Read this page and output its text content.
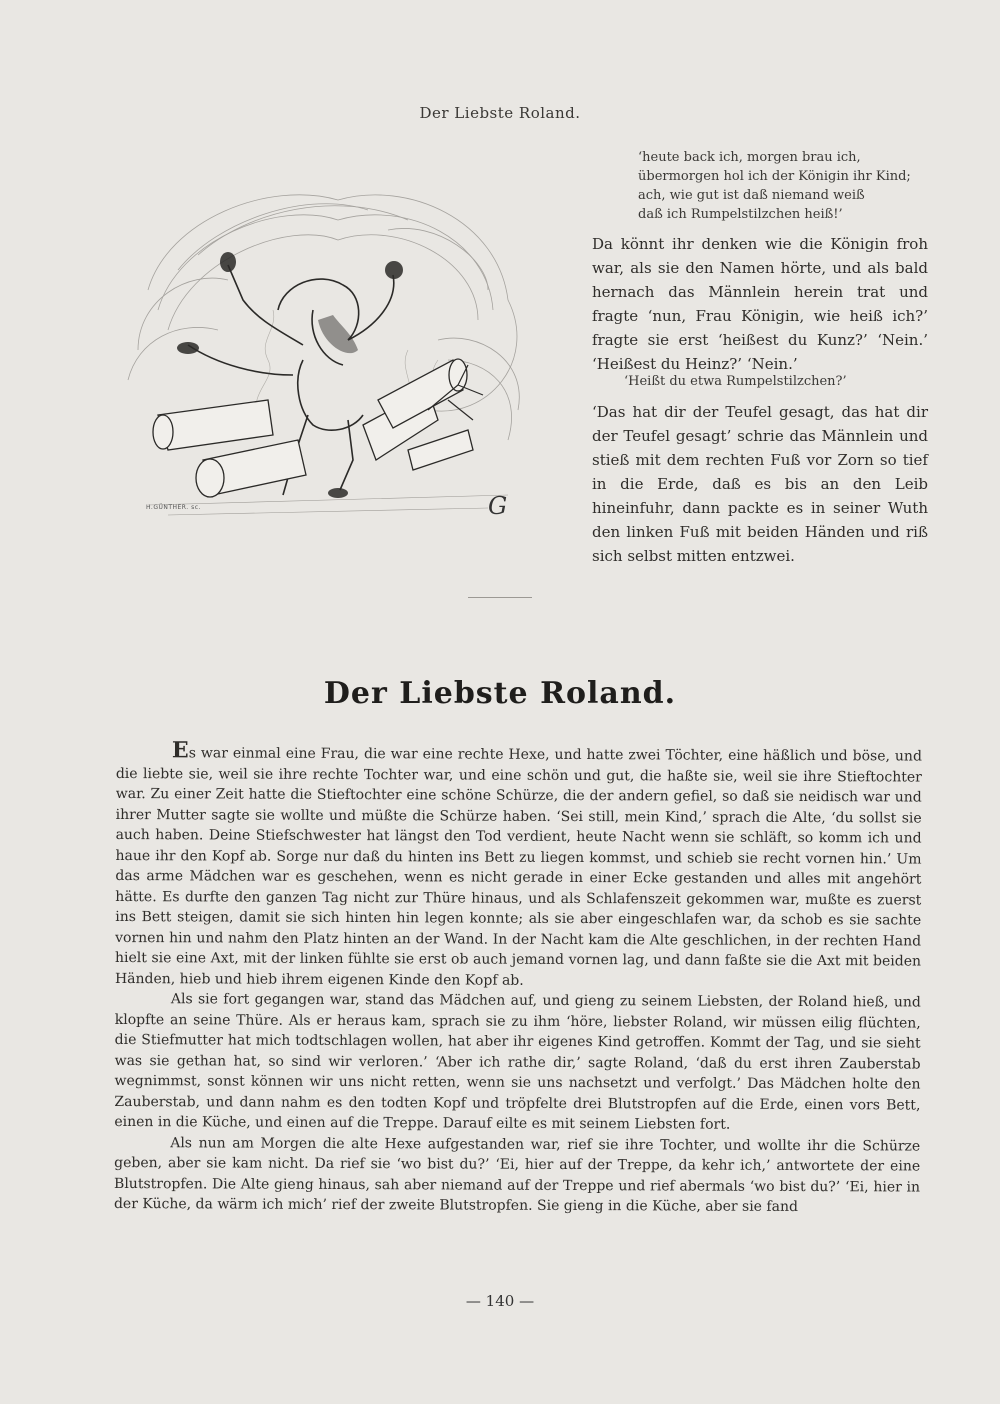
Der Liebste Roland.
H.GÜNTHER. sc.	G
‘heute back ich, morgen brau ich,
übermorgen hol ich der Königin ihr Kind;
ach, wie gut ist daß niemand weiß
daß ich Rumpelstilzchen heiß!’

Da könnt ihr denken wie die Königin froh war, als sie den Namen hörte, und als bald hernach das Männlein herein trat und fragte ‘nun, Frau Königin, wie heiß ich?’ fragte sie erst ‘heißest du Kunz?’ ‘Nein.’ ‘Heißest du Heinz?’ ‘Nein.’

‘Heißt du etwa Rumpelstilzchen?’

‘Das hat dir der Teufel gesagt, das hat dir der Teufel gesagt’ schrie das Männlein und stieß mit dem rechten Fuß vor Zorn so tief in die Erde, daß es bis an den Leib hineinfuhr, dann packte es in seiner Wuth den linken Fuß mit beiden Händen und riß sich selbst mitten entzwei.

Der Liebste Roland.

Es war einmal eine Frau, die war eine rechte Hexe, und hatte zwei Töchter, eine häßlich und böse, und die liebte sie, weil sie ihre rechte Tochter war, und eine schön und gut, die haßte sie, weil sie ihre Stieftochter war. Zu einer Zeit hatte die Stieftochter eine schöne Schürze, die der andern gefiel, so daß sie neidisch war und ihrer Mutter sagte sie wollte und müßte die Schürze haben. ‘Sei still, mein Kind,’ sprach die Alte, ‘du sollst sie auch haben. Deine Stiefschwester hat längst den Tod verdient, heute Nacht wenn sie schläft, so komm ich und haue ihr den Kopf ab. Sorge nur daß du hinten ins Bett zu liegen kommst, und schieb sie recht vornen hin.’ Um das arme Mädchen war es geschehen, wenn es nicht gerade in einer Ecke gestanden und alles mit angehört hätte. Es durfte den ganzen Tag nicht zur Thüre hinaus, und als Schlafenszeit gekommen war, mußte es zuerst ins Bett steigen, damit sie sich hinten hin legen konnte; als sie aber eingeschlafen war, da schob es sie sachte vornen hin und nahm den Platz hinten an der Wand. In der Nacht kam die Alte geschlichen, in der rechten Hand hielt sie eine Axt, mit der linken fühlte sie erst ob auch jemand vornen lag, und dann faßte sie die Axt mit beiden Händen, hieb und hieb ihrem eigenen Kinde den Kopf ab.

Als sie fort gegangen war, stand das Mädchen auf, und gieng zu seinem Liebsten, der Roland hieß, und klopfte an seine Thüre. Als er heraus kam, sprach sie zu ihm ‘höre, liebster Roland, wir müssen eilig flüchten, die Stiefmutter hat mich todtschlagen wollen, hat aber ihr eigenes Kind getroffen. Kommt der Tag, und sie sieht was sie gethan hat, so sind wir verloren.’ ‘Aber ich rathe dir,’ sagte Roland, ‘daß du erst ihren Zauberstab wegnimmst, sonst können wir uns nicht retten, wenn sie uns nachsetzt und verfolgt.’ Das Mädchen holte den Zauberstab, und dann nahm es den todten Kopf und tröpfelte drei Blutstropfen auf die Erde, einen vors Bett, einen in die Küche, und einen auf die Treppe. Darauf eilte es mit seinem Liebsten fort.

Als nun am Morgen die alte Hexe aufgestanden war, rief sie ihre Tochter, und wollte ihr die Schürze geben, aber sie kam nicht. Da rief sie ‘wo bist du?’ ‘Ei, hier auf der Treppe, da kehr ich,’ antwortete der eine Blutstropfen. Die Alte gieng hinaus, sah aber niemand auf der Treppe und rief abermals ‘wo bist du?’ ‘Ei, hier in der Küche, da wärm ich mich’ rief der zweite Blutstropfen. Sie gieng in die Küche, aber sie fand

— 140 —
